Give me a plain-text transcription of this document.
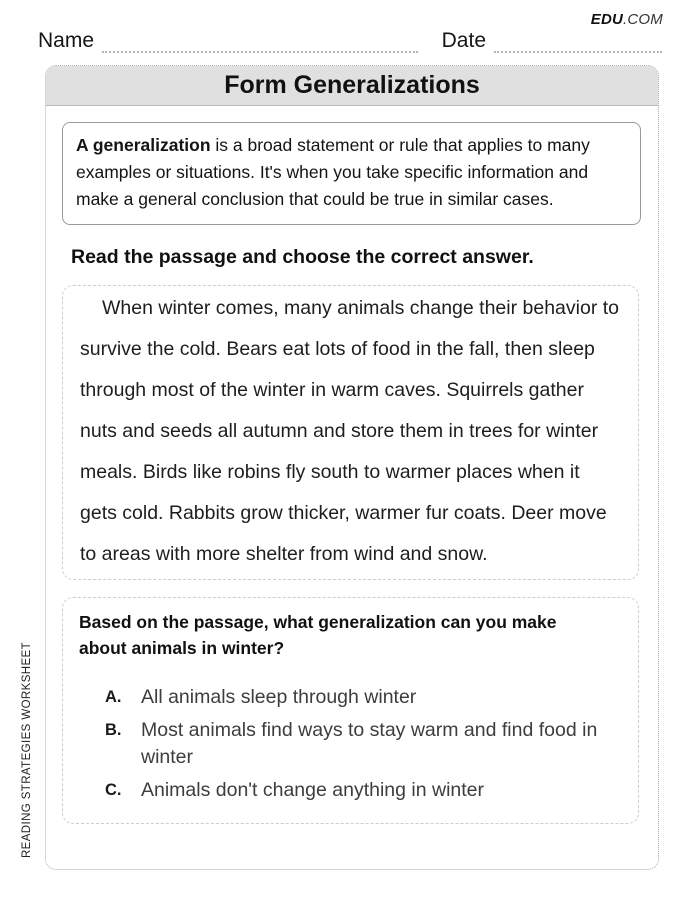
EDU.COM
Name	Date
READING STRATEGIES WORKSHEET
Form Generalizations
A generalization is a broad statement or rule that applies to many examples or situations. It's when you take specific information and make a general conclusion that could be true in similar cases.
Read the passage and choose the correct answer.

When winter comes, many animals change their behavior to survive the cold. Bears eat lots of food in the fall, then sleep through most of the winter in warm caves. Squirrels gather nuts and seeds all autumn and store them in trees for winter meals. Birds like robins fly south to warmer places when it gets cold. Rabbits grow thicker, warmer fur coats. Deer move to areas with more shelter from wind and snow.

Based on the passage, what generalization can you make about animals in winter?
A.	All animals sleep through winter
B.	Most animals find ways to stay warm and find food in winter
C.	Animals don't change anything in winter
